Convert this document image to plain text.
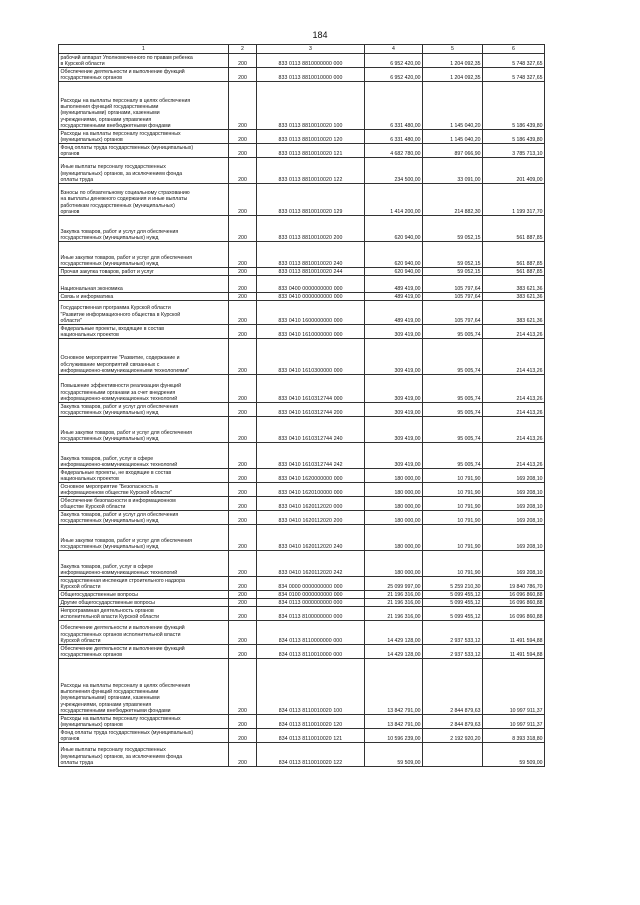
184
1	2	3	4	5	6
рабочий аппарат Уполномоченного по правам ребенка
в Курской области	200	833 0113 8810000000 000	6 952 420,00	1 204 092,35	5 748 327,65
Обеспечение деятельности и выполнение функций
государственных органов	200	833 0113 8810010000 000	6 952 420,00	1 204 092,35	5 748 327,65
Расходы на выплаты персоналу в целях обеспечения
выполнения функций государственными
(муниципальными) органами, казенными
учреждениями, органами управления
государственными внебюджетными фондами	200	833 0113 8810010020 100	6 331 480,00	1 145 040,20	5 186 439,80
Расходы на выплаты персоналу государственных
(муниципальных) органов	200	833 0113 8810010020 120	6 331 480,00	1 145 040,20	5 186 439,80
Фонд оплаты труда государственных (муниципальных)
органов	200	833 0113 8810010020 121	4 682 780,00	897 066,90	3 785 713,10
Иные выплаты персоналу государственных
(муниципальных) органов, за исключением фонда
оплаты труда	200	833 0113 8810010020 122	234 500,00	33 091,00	201 409,00
Взносы по обязательному социальному страхованию
на выплаты денежного содержания и иные выплаты
работникам государственных (муниципальных)
органов	200	833 0113 8810010020 129	1 414 200,00	214 882,30	1 199 317,70
Закупка товаров, работ и услуг для обеспечения
государственных (муниципальных) нужд	200	833 0113 8810010020 200	620 940,00	59 052,15	561 887,85
Иные закупки товаров, работ и услуг для обеспечения
государственных (муниципальных) нужд	200	833 0113 8810010020 240	620 940,00	59 052,15	561 887,85
Прочая закупка товаров, работ и услуг	200	833 0113 8810010020 244	620 940,00	59 052,15	561 887,85
Национальная экономика	200	833 0400 0000000000 000	489 419,00	105 797,64	383 621,36
Связь и информатика	200	833 0410 0000000000 000	489 419,00	105 797,64	383 621,36
Государственная программа Курской области
"Развитие информационного общества в Курской
области"	200	833 0410 1600000000 000	489 419,00	105 797,64	383 621,36
Федеральные проекты, входящие в состав
национальных проектов	200	833 0410 1610000000 000	309 419,00	95 005,74	214 413,26
Основное мероприятие "Развитие, содержание и
обслуживание мероприятий связанных с
информационно-коммуникационными технологиями"	200	833 0410 1610300000 000	309 419,00	95 005,74	214 413,26
Повышение эффективности реализации функций
государственными органами за счет внедрения
информационно-коммуникационных технологий	200	833 0410 1610312744 000	309 419,00	95 005,74	214 413,26
Закупка товаров, работ и услуг для обеспечения
государственных (муниципальных) нужд	200	833 0410 1610312744 200	309 419,00	95 005,74	214 413,26
Иные закупки товаров, работ и услуг для обеспечения
государственных (муниципальных) нужд	200	833 0410 1610312744 240	309 419,00	95 005,74	214 413,26
Закупка товаров, работ, услуг в сфере
информационно-коммуникационных технологий	200	833 0410 1610312744 242	309 419,00	95 005,74	214 413,26
Федеральные проекты, не входящие в состав
национальных проектов	200	833 0410 1620000000 000	180 000,00	10 791,90	169 208,10
Основное мероприятие "Безопасность в
информационном обществе Курской области"	200	833 0410 1620100000 000	180 000,00	10 791,90	169 208,10
Обеспечение безопасности в информационном
обществе Курской области	200	833 0410 1620112020 000	180 000,00	10 791,90	169 208,10
Закупка товаров, работ и услуг для обеспечения
государственных (муниципальных) нужд	200	833 0410 1620112020 200	180 000,00	10 791,90	169 208,10
Иные закупки товаров, работ и услуг для обеспечения
государственных (муниципальных) нужд	200	833 0410 1620112020 240	180 000,00	10 791,90	169 208,10
Закупка товаров, работ, услуг в сфере
информационно-коммуникационных технологий	200	833 0410 1620112020 242	180 000,00	10 791,90	169 208,10
государственная инспекция строительного надзора
Курской области	200	834 0000 0000000000 000	25 099 997,00	5 259 210,30	19 840 786,70
Общегосударственные вопросы	200	834 0100 0000000000 000	21 196 316,00	5 099 455,12	16 096 860,88
Другие общегосударственные вопросы	200	834 0113 0000000000 000	21 196 316,00	5 099 455,12	16 096 860,88
Непрограммная деятельность органов
исполнительной власти Курской области	200	834 0113 8100000000 000	21 196 316,00	5 099 455,12	16 096 860,88
Обеспечение деятельности и выполнение функций
государственных органов исполнительной власти
Курской области	200	834 0113 8110000000 000	14 429 128,00	2 937 533,12	11 491 594,88
Обеспечение деятельности и выполнение функций
государственных органов	200	834 0113 8110010000 000	14 429 128,00	2 937 533,12	11 491 594,88
Расходы на выплаты персоналу в целях обеспечения
выполнения функций государственными
(муниципальными) органами, казенными
учреждениями, органами управления
государственными внебюджетными фондами	200	834 0113 8110010020 100	13 842 791,00	2 844 879,63	10 997 911,37
Расходы на выплаты персоналу государственных
(муниципальных) органов	200	834 0113 8110010020 120	13 842 791,00	2 844 879,63	10 997 911,37
Фонд оплаты труда государственных (муниципальных)
органов	200	834 0113 8110010020 121	10 596 239,00	2 192 920,20	8 393 318,80
Иные выплаты персоналу государственных
(муниципальных) органов, за исключением фонда
оплаты труда	200	834 0113 8110010020 122	59 509,00		59 509,00
